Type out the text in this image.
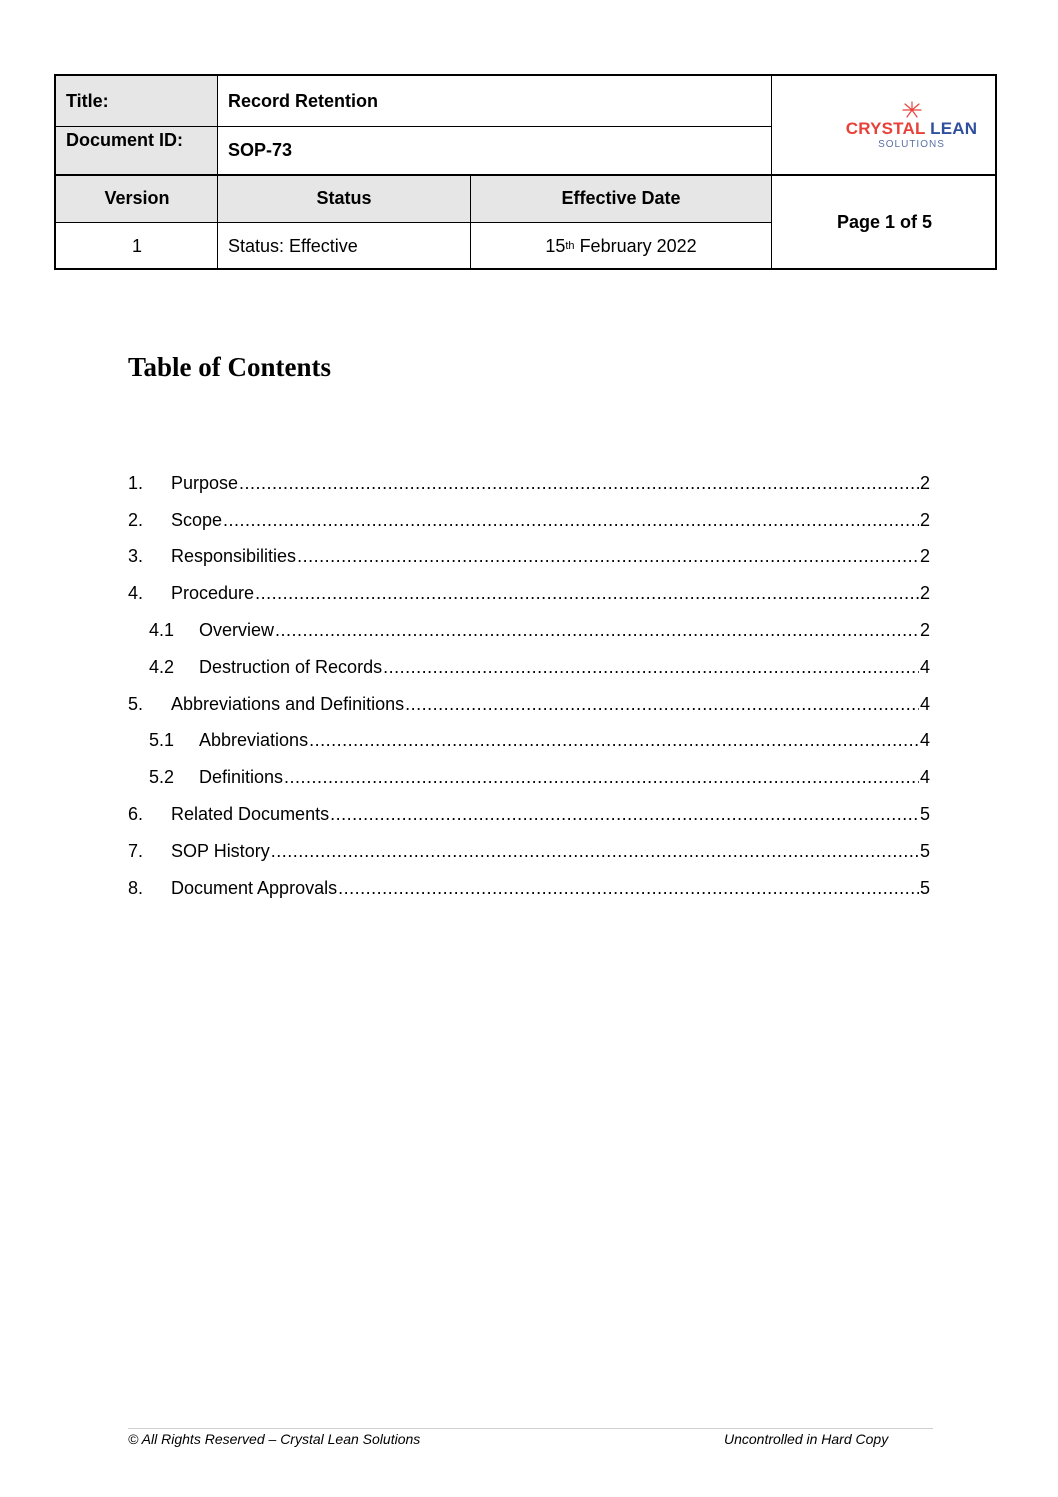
Title:	Record Retention
Document ID:	SOP-73
CRYSTAL LEAN
SOLUTIONS
Version	Status	Effective Date
1	Status: Effective	15 th February 2022
Page 1 of 5
Table of Contents
1.	Purpose .....	2
2.	Scope .....	2
3.	Responsibilities .....	2
4.	Procedure .....	2
4.1	Overview .....	2
4.2	Destruction of Records .....	4
5.	Abbreviations and Definitions .....	4
5.1	Abbreviations .....	4
5.2	Definitions .....	4
6.	Related Documents .....	5
7.	SOP History .....	5
8.	Document Approvals .....	5
© All Rights Reserved – Crystal Lean Solutions	Uncontrolled in Hard Copy
